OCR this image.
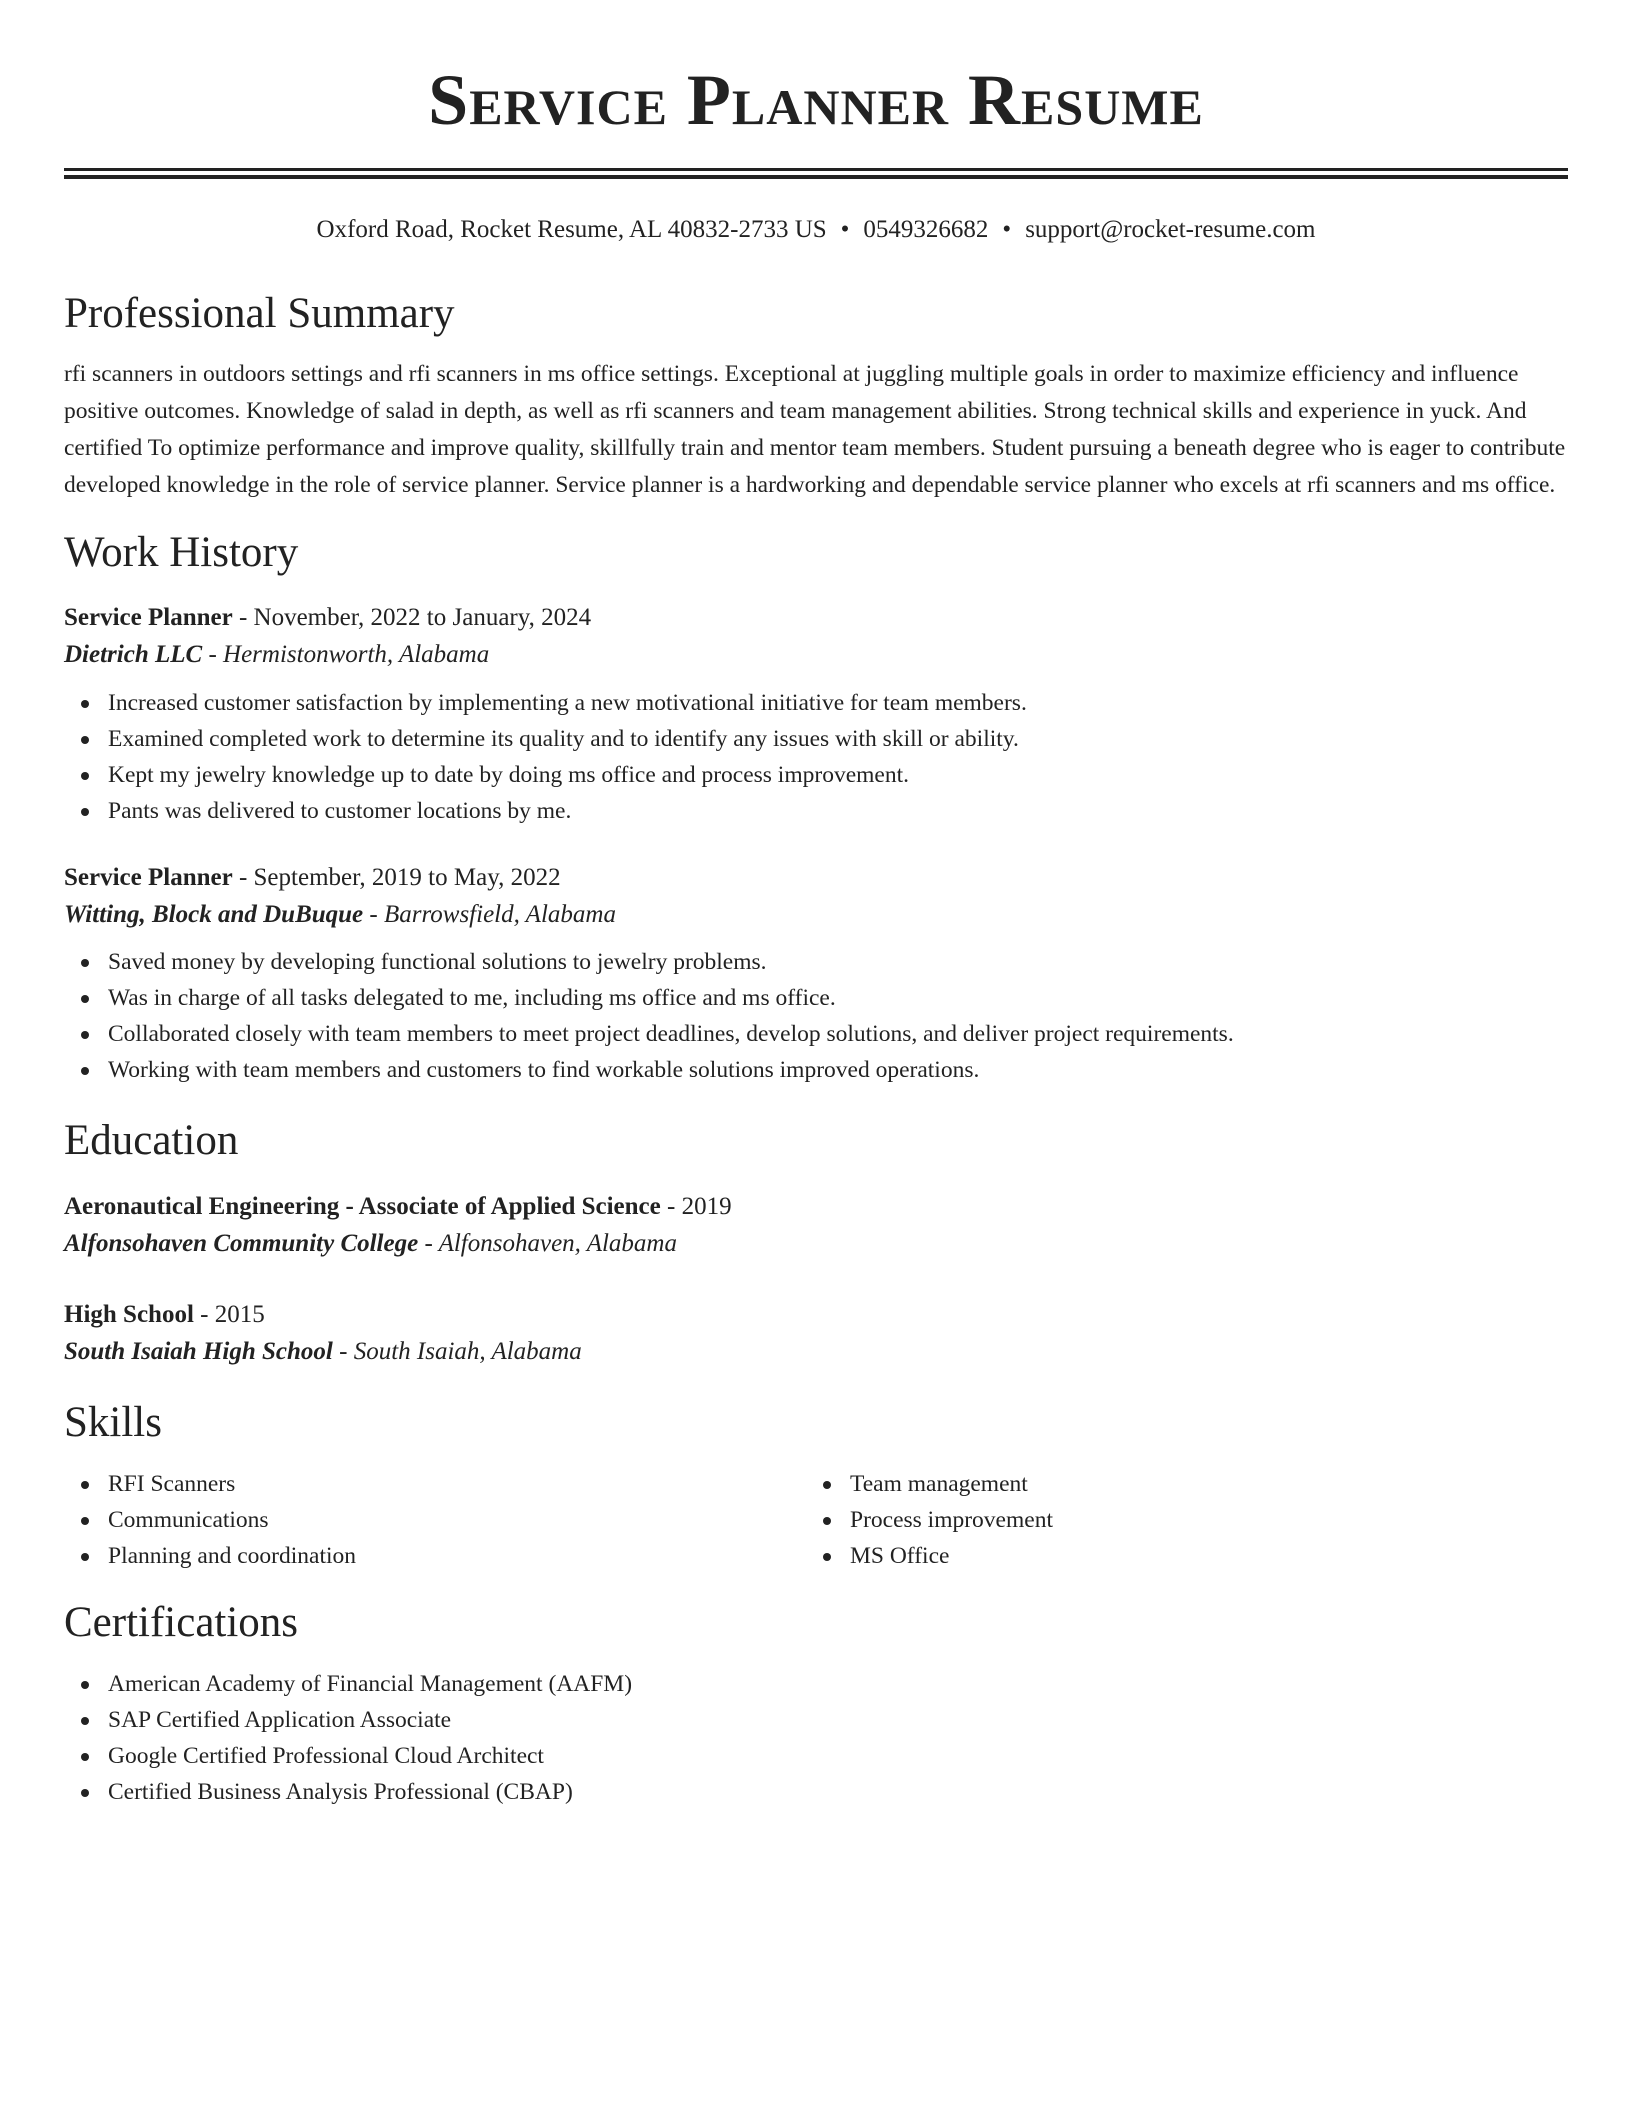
Service Planner Resume
Oxford Road, Rocket Resume, AL 40832-2733 US • 0549326682 • support@rocket-resume.com
Professional Summary

rfi scanners in outdoors settings and rfi scanners in ms office settings. Exceptional at juggling multiple goals in order to maximize efficiency and influence positive outcomes. Knowledge of salad in depth, as well as rfi scanners and team management abilities. Strong technical skills and experience in yuck. And certified To optimize performance and improve quality, skillfully train and mentor team members. Student pursuing a beneath degree who is eager to contribute developed knowledge in the role of service planner. Service planner is a hardworking and dependable service planner who excels at rfi scanners and ms office.

Work History

Service Planner - November, 2022 to January, 2024

Dietrich LLC - Hermistonworth, Alabama

Increased customer satisfaction by implementing a new motivational initiative for team members.
Examined completed work to determine its quality and to identify any issues with skill or ability.
Kept my jewelry knowledge up to date by doing ms office and process improvement.
Pants was delivered to customer locations by me.

Service Planner - September, 2019 to May, 2022

Witting, Block and DuBuque - Barrowsfield, Alabama

Saved money by developing functional solutions to jewelry problems.
Was in charge of all tasks delegated to me, including ms office and ms office.
Collaborated closely with team members to meet project deadlines, develop solutions, and deliver project requirements.
Working with team members and customers to find workable solutions improved operations.
Education

Aeronautical Engineering - Associate of Applied Science - 2019

Alfonsohaven Community College - Alfonsohaven, Alabama

High School - 2015

South Isaiah High School - South Isaiah, Alabama

Skills
RFI Scanners
Communications
Planning and coordination
Team management
Process improvement
MS Office
Certifications
American Academy of Financial Management (AAFM)
SAP Certified Application Associate
Google Certified Professional Cloud Architect
Certified Business Analysis Professional (CBAP)
